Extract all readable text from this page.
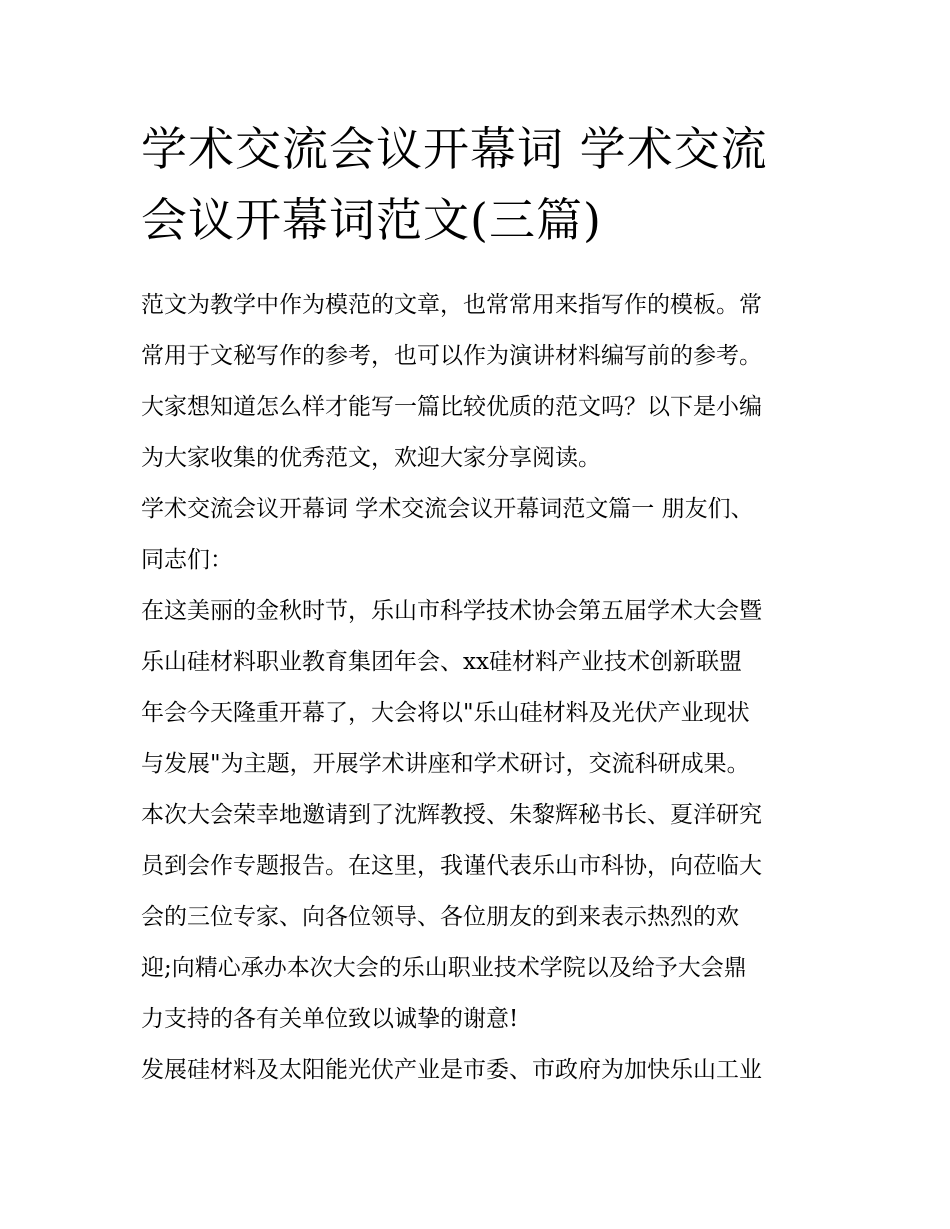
学术交流会议开幕词 学术交流
会议开幕词范文(三篇)
范文为教学中作为模范的文章，也常常用来指写作的模板。常
常用于文秘写作的参考，也可以作为演讲材料编写前的参考。
大家想知道怎么样才能写一篇比较优质的范文吗？以下是小编
为大家收集的优秀范文，欢迎大家分享阅读。
学术交流会议开幕词 学术交流会议开幕词范文篇一 朋友们、
同志们：
在这美丽的金秋时节，乐山市科学技术协会第五届学术大会暨
乐山硅材料职业教育集团年会、xx硅材料产业技术创新联盟
年会今天隆重开幕了，大会将以"乐山硅材料及光伏产业现状
与发展"为主题，开展学术讲座和学术研讨，交流科研成果。
本次大会荣幸地邀请到了沈辉教授、朱黎辉秘书长、夏洋研究
员到会作专题报告。在这里，我谨代表乐山市科协，向莅临大
会的三位专家、向各位领导、各位朋友的到来表示热烈的欢
迎;向精心承办本次大会的乐山职业技术学院以及给予大会鼎
力支持的各有关单位致以诚挚的谢意!
发展硅材料及太阳能光伏产业是市委、市政府为加快乐山工业
